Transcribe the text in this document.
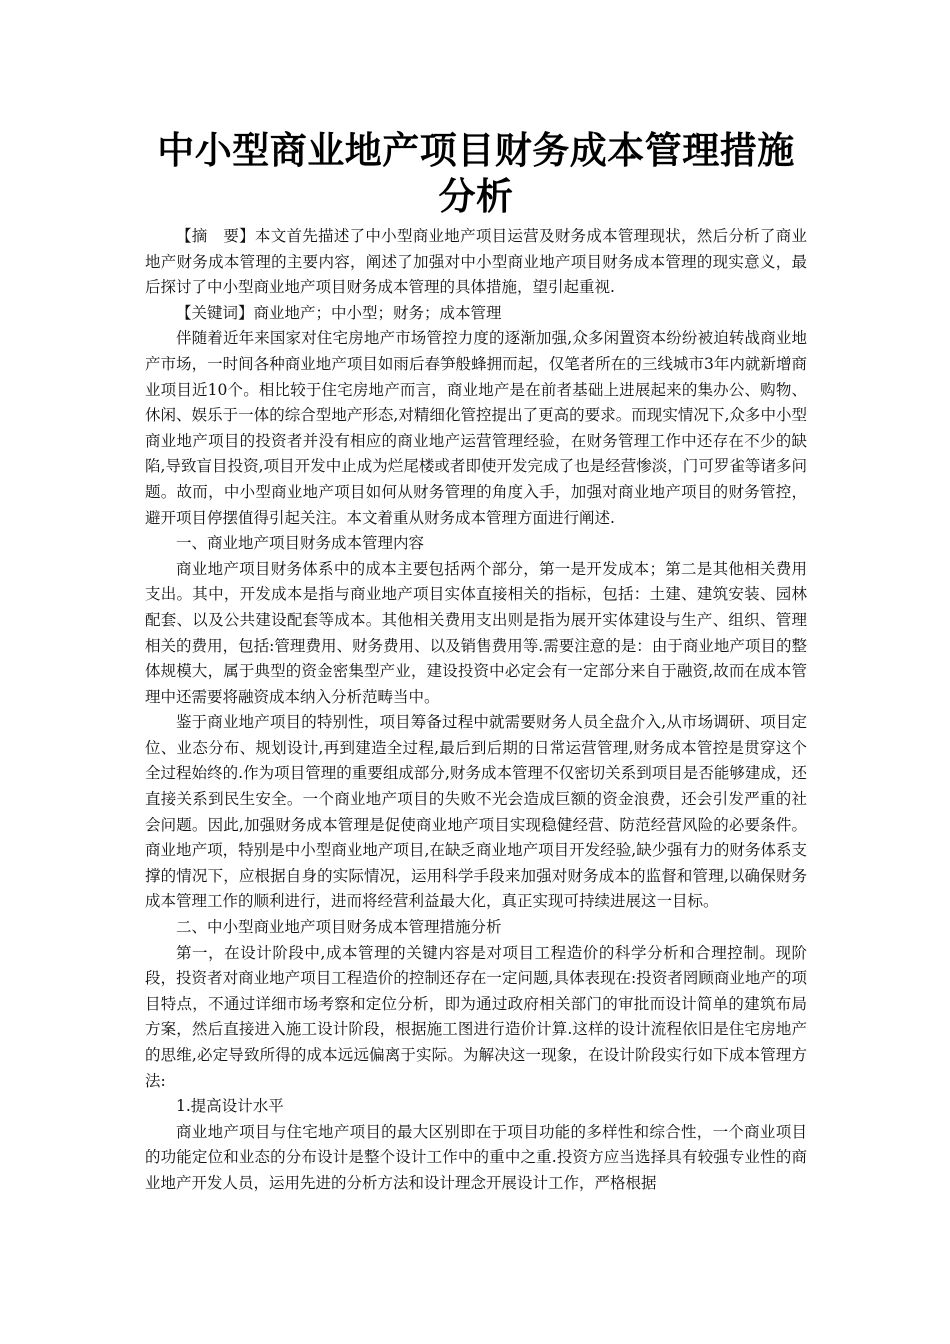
中小型商业地产项目财务成本管理措施
分析

【摘　要】本文首先描述了中小型商业地产项目运营及财务成本管理现状，然后分析了商业地产财务成本管理的主要内容，阐述了加强对中小型商业地产项目财务成本管理的现实意义，最后探讨了中小型商业地产项目财务成本管理的具体措施，望引起重视.

【关键词】商业地产；中小型；财务；成本管理

伴随着近年来国家对住宅房地产市场管控力度的逐渐加强,众多闲置资本纷纷被迫转战商业地产市场，一时间各种商业地产项目如雨后春笋般蜂拥而起，仅笔者所在的三线城市3年内就新增商业项目近10个。相比较于住宅房地产而言，商业地产是在前者基础上进展起来的集办公、购物、休闲、娱乐于一体的综合型地产形态,对精细化管控提出了更高的要求。而现实情况下,众多中小型商业地产项目的投资者并没有相应的商业地产运营管理经验，在财务管理工作中还存在不少的缺陷,导致盲目投资,项目开发中止成为烂尾楼或者即使开发完成了也是经营惨淡，门可罗雀等诸多问题。故而，中小型商业地产项目如何从财务管理的角度入手，加强对商业地产项目的财务管控，避开项目停摆值得引起关注。本文着重从财务成本管理方面进行阐述.

一、商业地产项目财务成本管理内容

商业地产项目财务体系中的成本主要包括两个部分，第一是开发成本；第二是其他相关费用支出。其中，开发成本是指与商业地产项目实体直接相关的指标，包括：土建、建筑安装、园林配套、以及公共建设配套等成本。其他相关费用支出则是指为展开实体建设与生产、组织、管理相关的费用，包括:管理费用、财务费用、以及销售费用等.需要注意的是：由于商业地产项目的整体规模大，属于典型的资金密集型产业，建设投资中必定会有一定部分来自于融资,故而在成本管理中还需要将融资成本纳入分析范畴当中。

鉴于商业地产项目的特别性，项目筹备过程中就需要财务人员全盘介入,从市场调研、项目定位、业态分布、规划设计,再到建造全过程,最后到后期的日常运营管理,财务成本管控是贯穿这个全过程始终的.作为项目管理的重要组成部分,财务成本管理不仅密切关系到项目是否能够建成，还直接关系到民生安全。一个商业地产项目的失败不光会造成巨额的资金浪费，还会引发严重的社会问题。因此,加强财务成本管理是促使商业地产项目实现稳健经营、防范经营风险的必要条件。商业地产项，特别是中小型商业地产项目,在缺乏商业地产项目开发经验,缺少强有力的财务体系支撑的情况下，应根据自身的实际情况，运用科学手段来加强对财务成本的监督和管理,以确保财务成本管理工作的顺利进行，进而将经营利益最大化，真正实现可持续进展这一目标。

二、中小型商业地产项目财务成本管理措施分析

第一，在设计阶段中,成本管理的关键内容是对项目工程造价的科学分析和合理控制。现阶段，投资者对商业地产项目工程造价的控制还存在一定问题,具体表现在:投资者罔顾商业地产的项目特点，不通过详细市场考察和定位分析，即为通过政府相关部门的审批而设计简单的建筑布局方案，然后直接进入施工设计阶段，根据施工图进行造价计算.这样的设计流程依旧是住宅房地产的思维,必定导致所得的成本远远偏离于实际。为解决这一现象，在设计阶段实行如下成本管理方法:

1.提高设计水平

商业地产项目与住宅地产项目的最大区别即在于项目功能的多样性和综合性，一个商业项目的功能定位和业态的分布设计是整个设计工作中的重中之重.投资方应当选择具有较强专业性的商业地产开发人员，运用先进的分析方法和设计理念开展设计工作，严格根据
